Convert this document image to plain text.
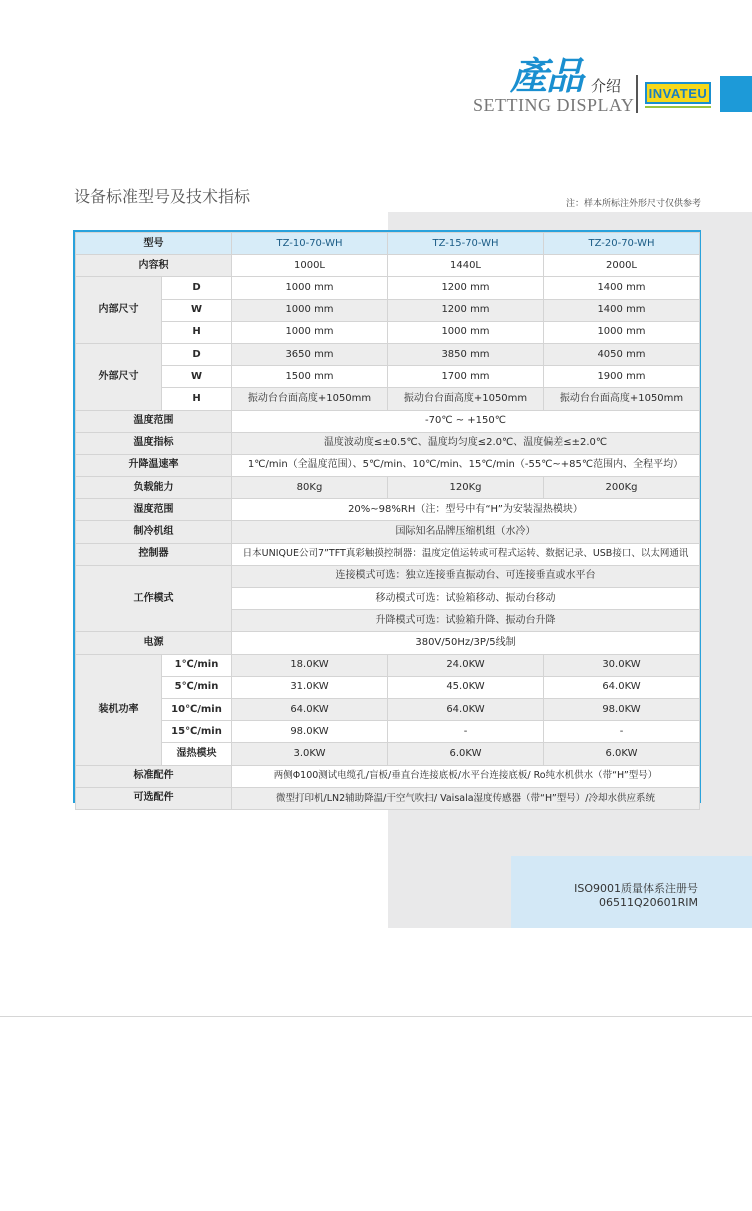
產品 介绍
SETTING DISPLAY
INVATEU
设备标准型号及技术指标	注：样本所标注外形尺寸仅供参考
型号		TZ-10-70-WH	TZ-15-70-WH	TZ-20-70-WH
内容积		1000L	1440L	2000L
内部尺寸	D	1000 mm	1200 mm	1400 mm
	W	1000 mm	1200 mm	1400 mm
	H	1000 mm	1000 mm	1000 mm
外部尺寸	D	3650 mm	3850 mm	4050 mm
	W	1500 mm	1700 mm	1900 mm
	H	振动台台面高度+1050mm	振动台台面高度+1050mm	振动台台面高度+1050mm
温度范围		-70℃ ~ +150℃		
温度指标		温度波动度≤±0.5℃、温度均匀度≤2.0℃、温度偏差≤±2.0℃		
升降温速率		1℃/min（全温度范围）、5℃/min、10℃/min、15℃/min（-55℃~+85℃范围内、全程平均）		
负载能力		80Kg	120Kg	200Kg
湿度范围		20%~98%RH（注：型号中有“H”为安装湿热模块）		
制冷机组		国际知名品牌压缩机组（水冷）		
控制器		日本UNIQUE公司7”TFT真彩触摸控制器：温度定值运转或可程式运转、数据记录、USB接口、以太网通讯		
工作模式		连接模式可选：独立连接垂直振动台、可连接垂直或水平台		
		移动模式可选：试验箱移动、振动台移动		
		升降模式可选：试验箱升降、振动台升降		
电源		380V/50Hz/3P/5线制		
装机功率	1℃/min	18.0KW	24.0KW	30.0KW
	5℃/min	31.0KW	45.0KW	64.0KW
	10℃/min	64.0KW	64.0KW	98.0KW
	15℃/min	98.0KW	-	-
	湿热模块	3.0KW	6.0KW	6.0KW
标准配件		两侧Φ100测试电缆孔/盲板/垂直台连接底板/水平台连接底板/ Ro纯水机供水（带“H”型号）		
可选配件		微型打印机/LN2辅助降温/干空气吹扫/ Vaisala湿度传感器（带“H”型号）/冷却水供应系统		
ISO9001质量体系注册号
06511Q20601RIM
